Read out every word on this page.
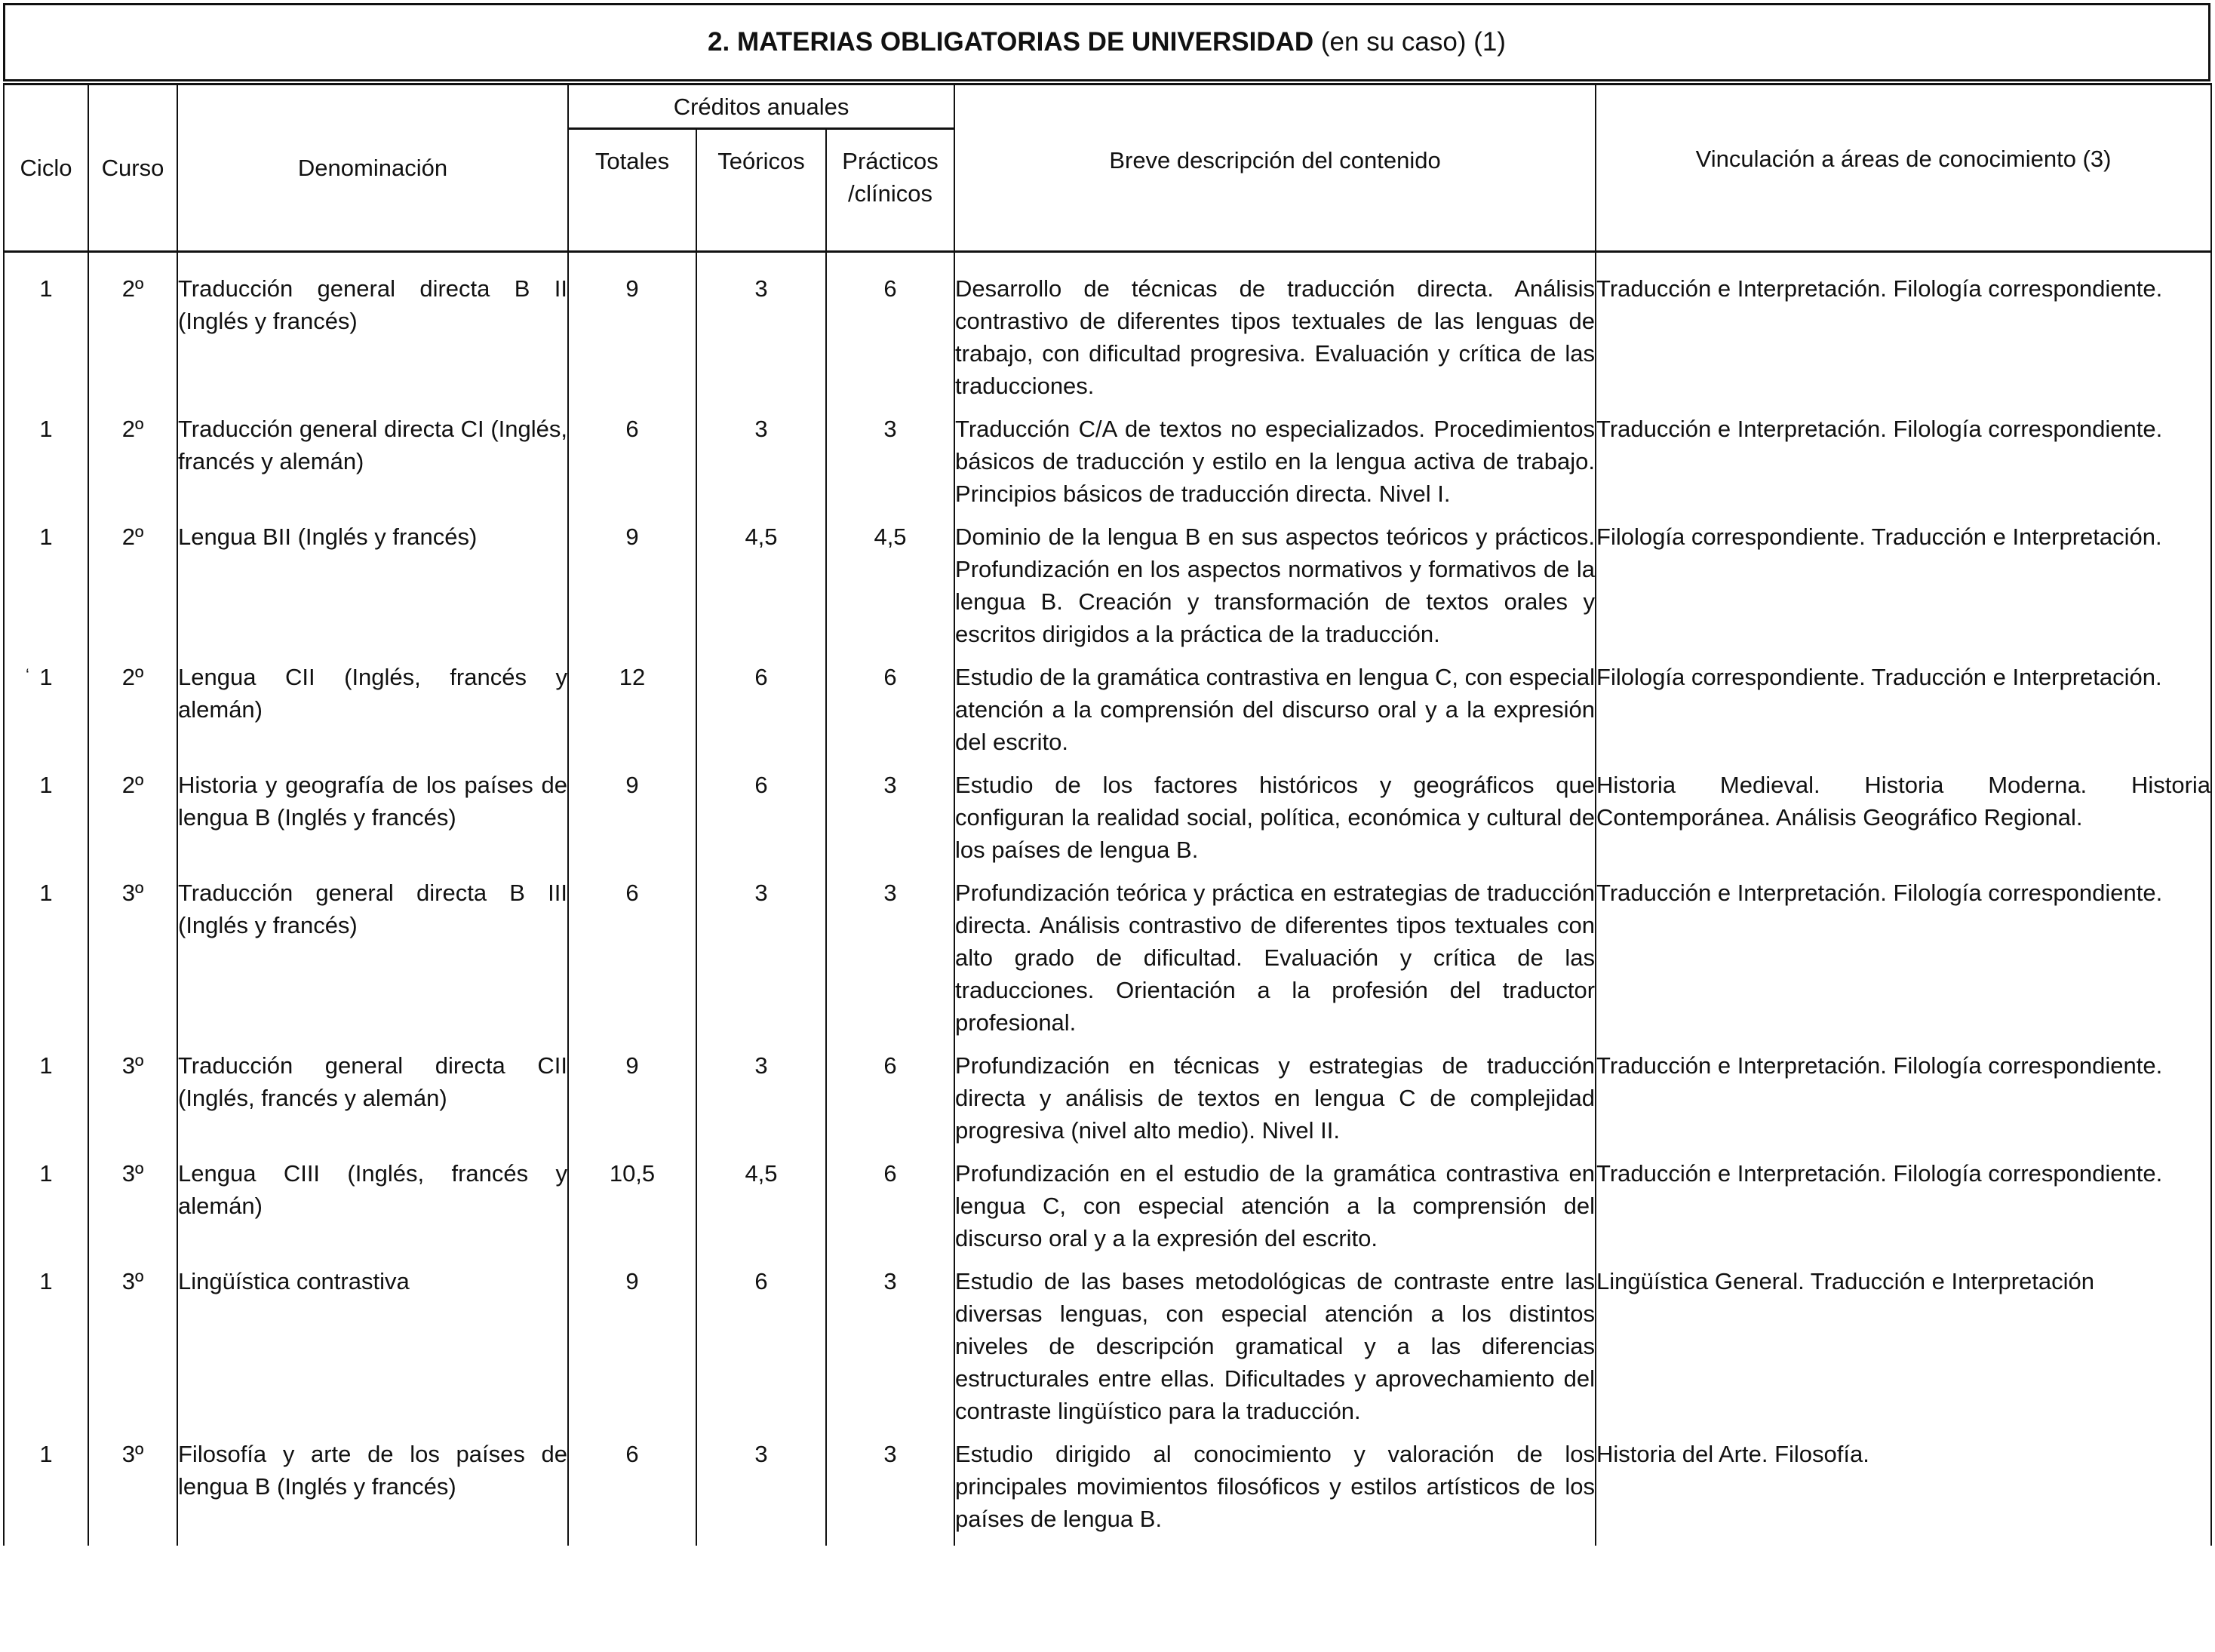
2. MATERIAS OBLIGATORIAS DE UNIVERSIDAD (en su caso) (1)
Ciclo	Curso	Denominación	Créditos anuales			Breve descripción del contenido	Vinculación a áreas de conocimiento (3)
			Totales	Teóricos	Prácticos
/clínicos		

1	2º	Traducción general directa B II (Inglés y francés)	9	3	6	Desarrollo de técnicas de traducción directa. Análisis contrastivo de diferentes tipos textuales de las lenguas de trabajo, con dificultad progresiva. Evaluación y crítica de las traducciones.	Traducción e Interpretación. Filología correspondiente.
1	2º	Traducción general directa CI (Inglés, francés y alemán)	6	3	3	Traducción C/A de textos no especializados. Procedimientos básicos de traducción y estilo en la lengua activa de trabajo. Principios básicos de traducción directa. Nivel I.	Traducción e Interpretación. Filología correspondiente.
1	2º	Lengua BII (Inglés y francés)	9	4,5	4,5	Dominio de la lengua B en sus aspectos teóricos y prácticos. Profundización en los aspectos normativos y formativos de la lengua B. Creación y transformación de textos orales y escritos dirigidos a la práctica de la traducción.	Filología correspondiente. Traducción e Interpretación.
1	2º	Lengua CII (Inglés, francés y alemán)	12	6	6	Estudio de la gramática contrastiva en lengua C, con especial atención a la comprensión del discurso oral y a la expresión del escrito.	Filología correspondiente. Traducción e Interpretación.
1	2º	Historia y geografía de los países de lengua B (Inglés y francés)	9	6	3	Estudio de los factores históricos y geográficos que configuran la realidad social, política, económica y cultural de los países de lengua B.	Historia Medieval. Historia Moderna. Historia Contemporánea. Análisis Geográfico Regional.
1	3º	Traducción general directa B III (Inglés y francés)	6	3	3	Profundización teórica y práctica en estrategias de traducción directa. Análisis contrastivo de diferentes tipos textuales con alto grado de dificultad. Evaluación y crítica de las traducciones. Orientación a la profesión del traductor profesional.	Traducción e Interpretación. Filología correspondiente.
1	3º	Traducción general directa CII (Inglés, francés y alemán)	9	3	6	Profundización en técnicas y estrategias de traducción directa y análisis de textos en lengua C de complejidad progresiva (nivel alto medio). Nivel II.	Traducción e Interpretación. Filología correspondiente.
1	3º	Lengua CIII (Inglés, francés y alemán)	10,5	4,5	6	Profundización en el estudio de la gramática contrastiva en lengua C, con especial atención a la comprensión del discurso oral y a la expresión del escrito.	Traducción e Interpretación. Filología correspondiente.
1	3º	Lingüística contrastiva	9	6	3	Estudio de las bases metodológicas de contraste entre las diversas lenguas, con especial atención a los distintos niveles de descripción gramatical y a las diferencias estructurales entre ellas. Dificultades y aprovechamiento del contraste lingüístico para la traducción.	Lingüística General. Traducción e Interpretación
1	3º	Filosofía y arte de los países de lengua B (Inglés y francés)	6	3	3	Estudio dirigido al conocimiento y valoración de los principales movimientos filosóficos y estilos artísticos de los países de lengua B.	Historia del Arte. Filosofía.
‘
